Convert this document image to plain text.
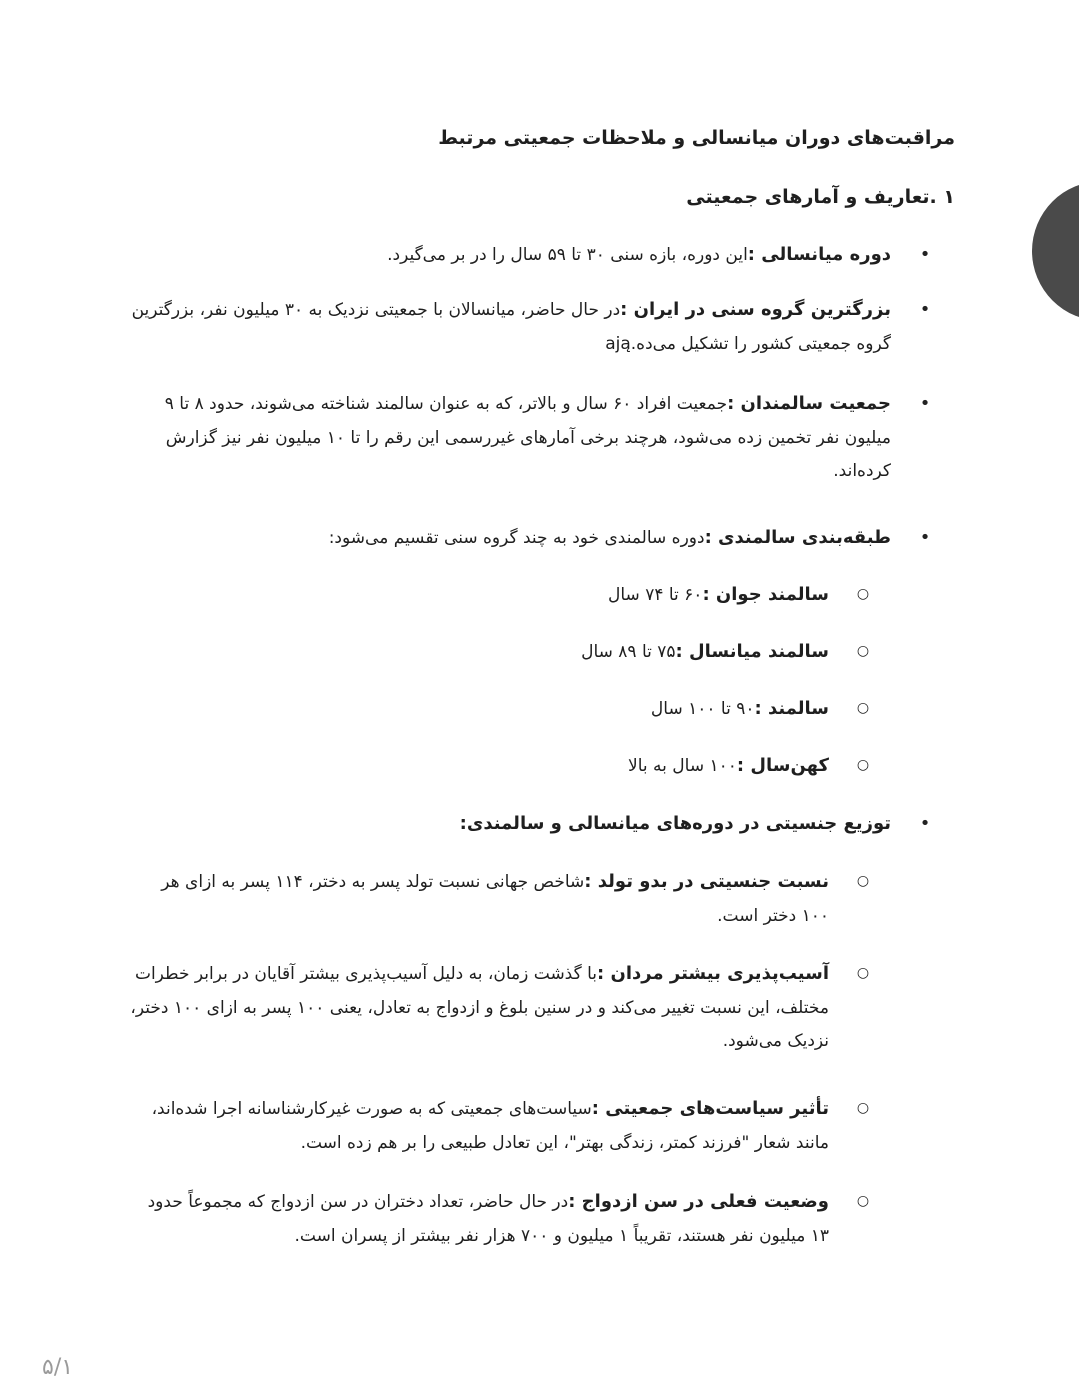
مراقبت‌های دوران میانسالی و ملاحظات جمعیتی مرتبط
۱ .تعاریف و آمارهای جمعیتی
•
دوره میانسالی :این دوره، بازه سنی ۳۰ تا ۵۹ سال را در بر می‌گیرد.
•
بزرگترین گروه سنی در ایران :در حال حاضر، میانسالان با جمعیتی نزدیک به ۳۰ میلیون نفر، بزرگترین گروه جمعیتی کشور را تشکیل می‌ده.ają
•
جمعیت سالمندان :جمعیت افراد ۶۰ سال و بالاتر، که به عنوان سالمند شناخته می‌شوند، حدود ۸ تا ۹ میلیون نفر تخمین زده می‌شود، هرچند برخی آمارهای غیررسمی این رقم را تا ۱۰ میلیون نفر نیز گزارش کرده‌اند.
•
طبقه‌بندی سالمندی :دوره سالمندی خود به چند گروه سنی تقسیم می‌شود:
○
سالمند جوان :۶۰ تا ۷۴ سال
○
سالمند میانسال :۷۵ تا ۸۹ سال
○
سالمند :۹۰ تا ۱۰۰ سال
○
کهن‌سال :۱۰۰ سال به بالا
•
توزیع جنسیتی در دوره‌های میانسالی و سالمندی:
○
نسبت جنسیتی در بدو تولد :شاخص جهانی نسبت تولد پسر به دختر، ۱۱۴ پسر به ازای هر ۱۰۰ دختر است.
○
آسیب‌پذیری بیشتر مردان :با گذشت زمان، به دلیل آسیب‌پذیری بیشتر آقایان در برابر خطرات مختلف، این نسبت تغییر می‌کند و در سنین بلوغ و ازدواج به تعادل، یعنی ۱۰۰ پسر به ازای ۱۰۰ دختر، نزدیک می‌شود.
○
تأثیر سیاست‌های جمعیتی :سیاست‌های جمعیتی که به صورت غیرکارشناسانه اجرا شده‌اند، مانند شعار "فرزند کمتر، زندگی بهتر"، این تعادل طبیعی را بر هم زده است.
○
وضعیت فعلی در سن ازدواج :در حال حاضر، تعداد دختران در سن ازدواج که مجموعاً حدود ۱۳ میلیون نفر هستند، تقریباً ۱ میلیون و ۷۰۰ هزار نفر بیشتر از پسران است.
۵/۱
